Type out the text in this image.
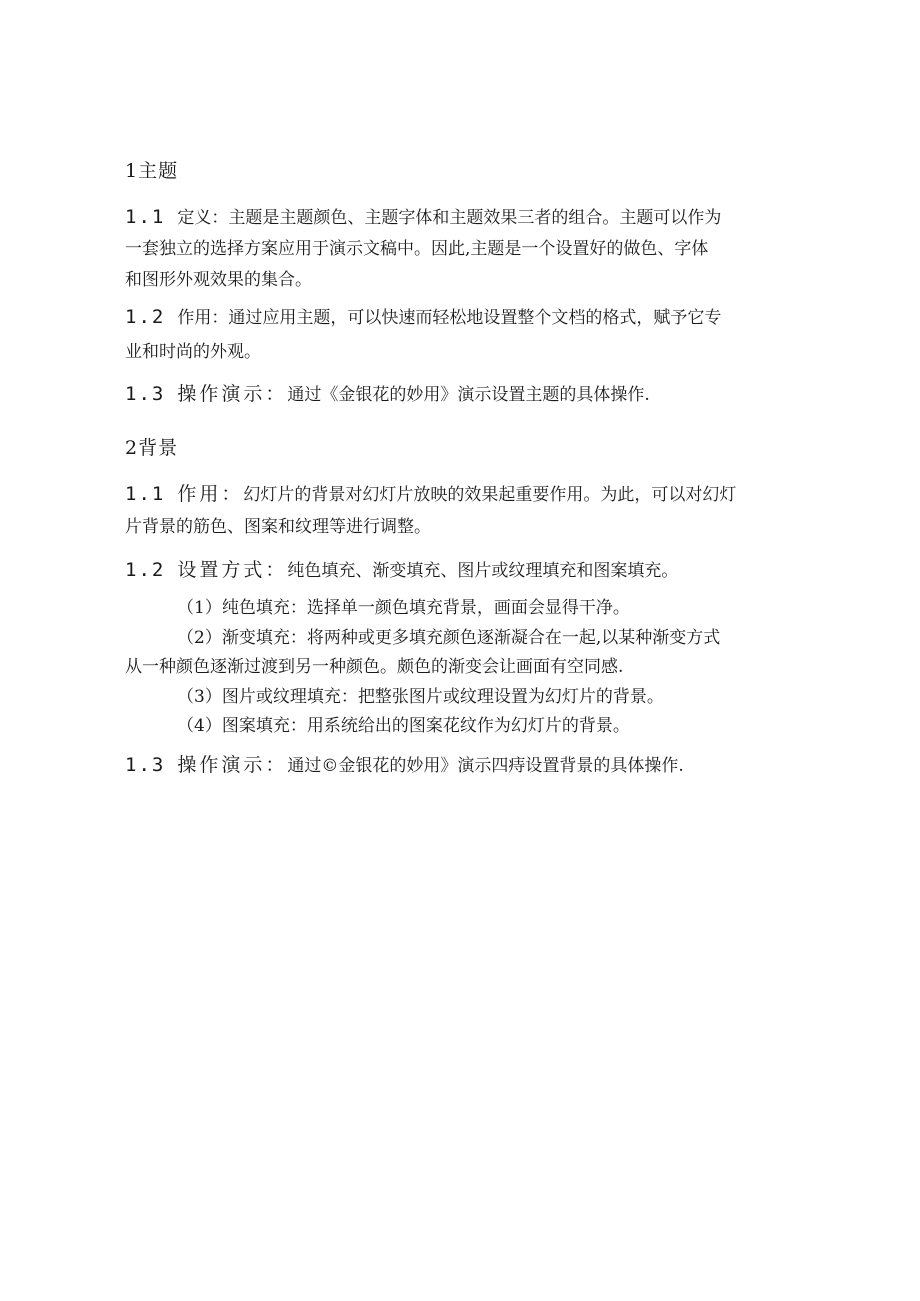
1主题
1.1 定义：主题是主题颜色、主题字体和主题效果三者的组合。主题可以作为
一套独立的选择方案应用于演示文稿中。因此,主题是一个设置好的做色、字体
和图形外观效果的集合。
1.2 作用：通过应用主题，可以快速而轻松地设置整个文档的格式，赋予它专
业和时尚的外观。
1.3 操作演示：通过《金银花的妙用》演示设置主题的具体操作.
2背景
1.1 作用：幻灯片的背景对幻灯片放映的效果起重要作用。为此，可以对幻灯
片背景的筋色、图案和纹理等进行调整。
1.2 设置方式：纯色填充、渐变填充、图片或纹理填充和图案填充。
（1）纯色填充：选择单一颜色填充背景，画面会显得干净。
（2）渐变填充：将两种或更多填充颜色逐渐凝合在一起,以某种渐变方式
从一种颜色逐渐过渡到另一种颜色。颇色的渐变会让画面有空同感.
（3）图片或纹理填充：把整张图片或纹理设置为幻灯片的背景。
（4）图案填充：用系统给出的图案花纹作为幻灯片的背景。
1.3 操作演示：通过©金银花的妙用》演示四痔设置背景的具体操作.
